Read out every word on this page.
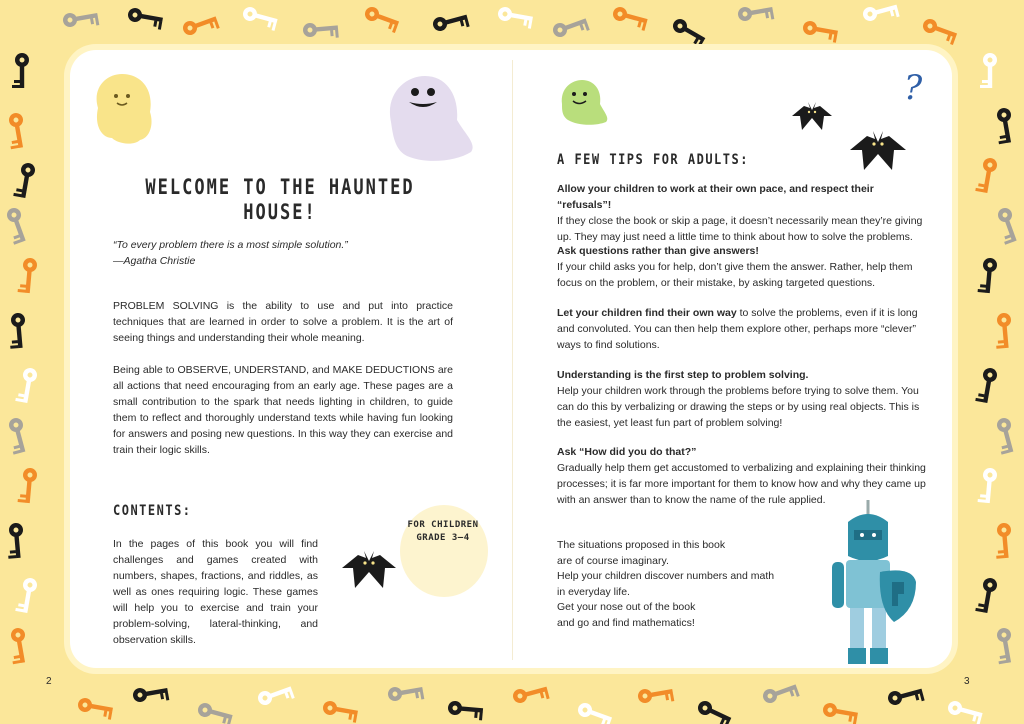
?
WELCOME TO THE HAUNTED HOUSE!
“To every problem there is a most simple solution.”
—Agatha Christie
PROBLEM SOLVING is the ability to use and put into practice techniques that are learned in order to solve a problem. It is the art of seeing things and understanding their whole meaning.
Being able to OBSERVE, UNDERSTAND, and MAKE DEDUCTIONS are all actions that need encouraging from an early age. These pages are a small contribution to the spark that needs lighting in children, to guide them to reflect and thoroughly understand texts while having fun looking for answers and posing new questions. In this way they can exercise and train their logic skills.
CONTENTS:
In the pages of this book you will find challenges and games created with numbers, shapes, fractions, and riddles, as well as ones requiring logic. These games will help you to exercise and train your problem-solving, lateral-thinking, and observation skills.
FOR CHILDREN
GRADE 3–4
2
A FEW TIPS FOR ADULTS:
Allow your children to work at their own pace, and respect their “refusals”!
If they close the book or skip a page, it doesn’t necessarily mean they’re giving up. They may just need a little time to think about how to solve the problems.
Ask questions rather than give answers!
If your child asks you for help, don’t give them the answer. Rather, help them focus on the problem, or their mistake, by asking targeted questions.
Let your children find their own way to solve the problems, even if it is long and convoluted. You can then help them explore other, perhaps more “clever” ways to find solutions.
Understanding is the first step to problem solving.
Help your children work through the problems before trying to solve them. You can do this by verbalizing or drawing the steps or by using real objects. This is the easiest, yet least fun part of problem solving!
Ask “How did you do that?”
Gradually help them get accustomed to verbalizing and explaining their thinking processes; it is far more important for them to know how and why they came up with an answer than to know the name of the rule applied.
The situations proposed in this book
are of course imaginary.
Help your children discover numbers and math
in everyday life.
Get your nose out of the book
and go and find mathematics!
3
